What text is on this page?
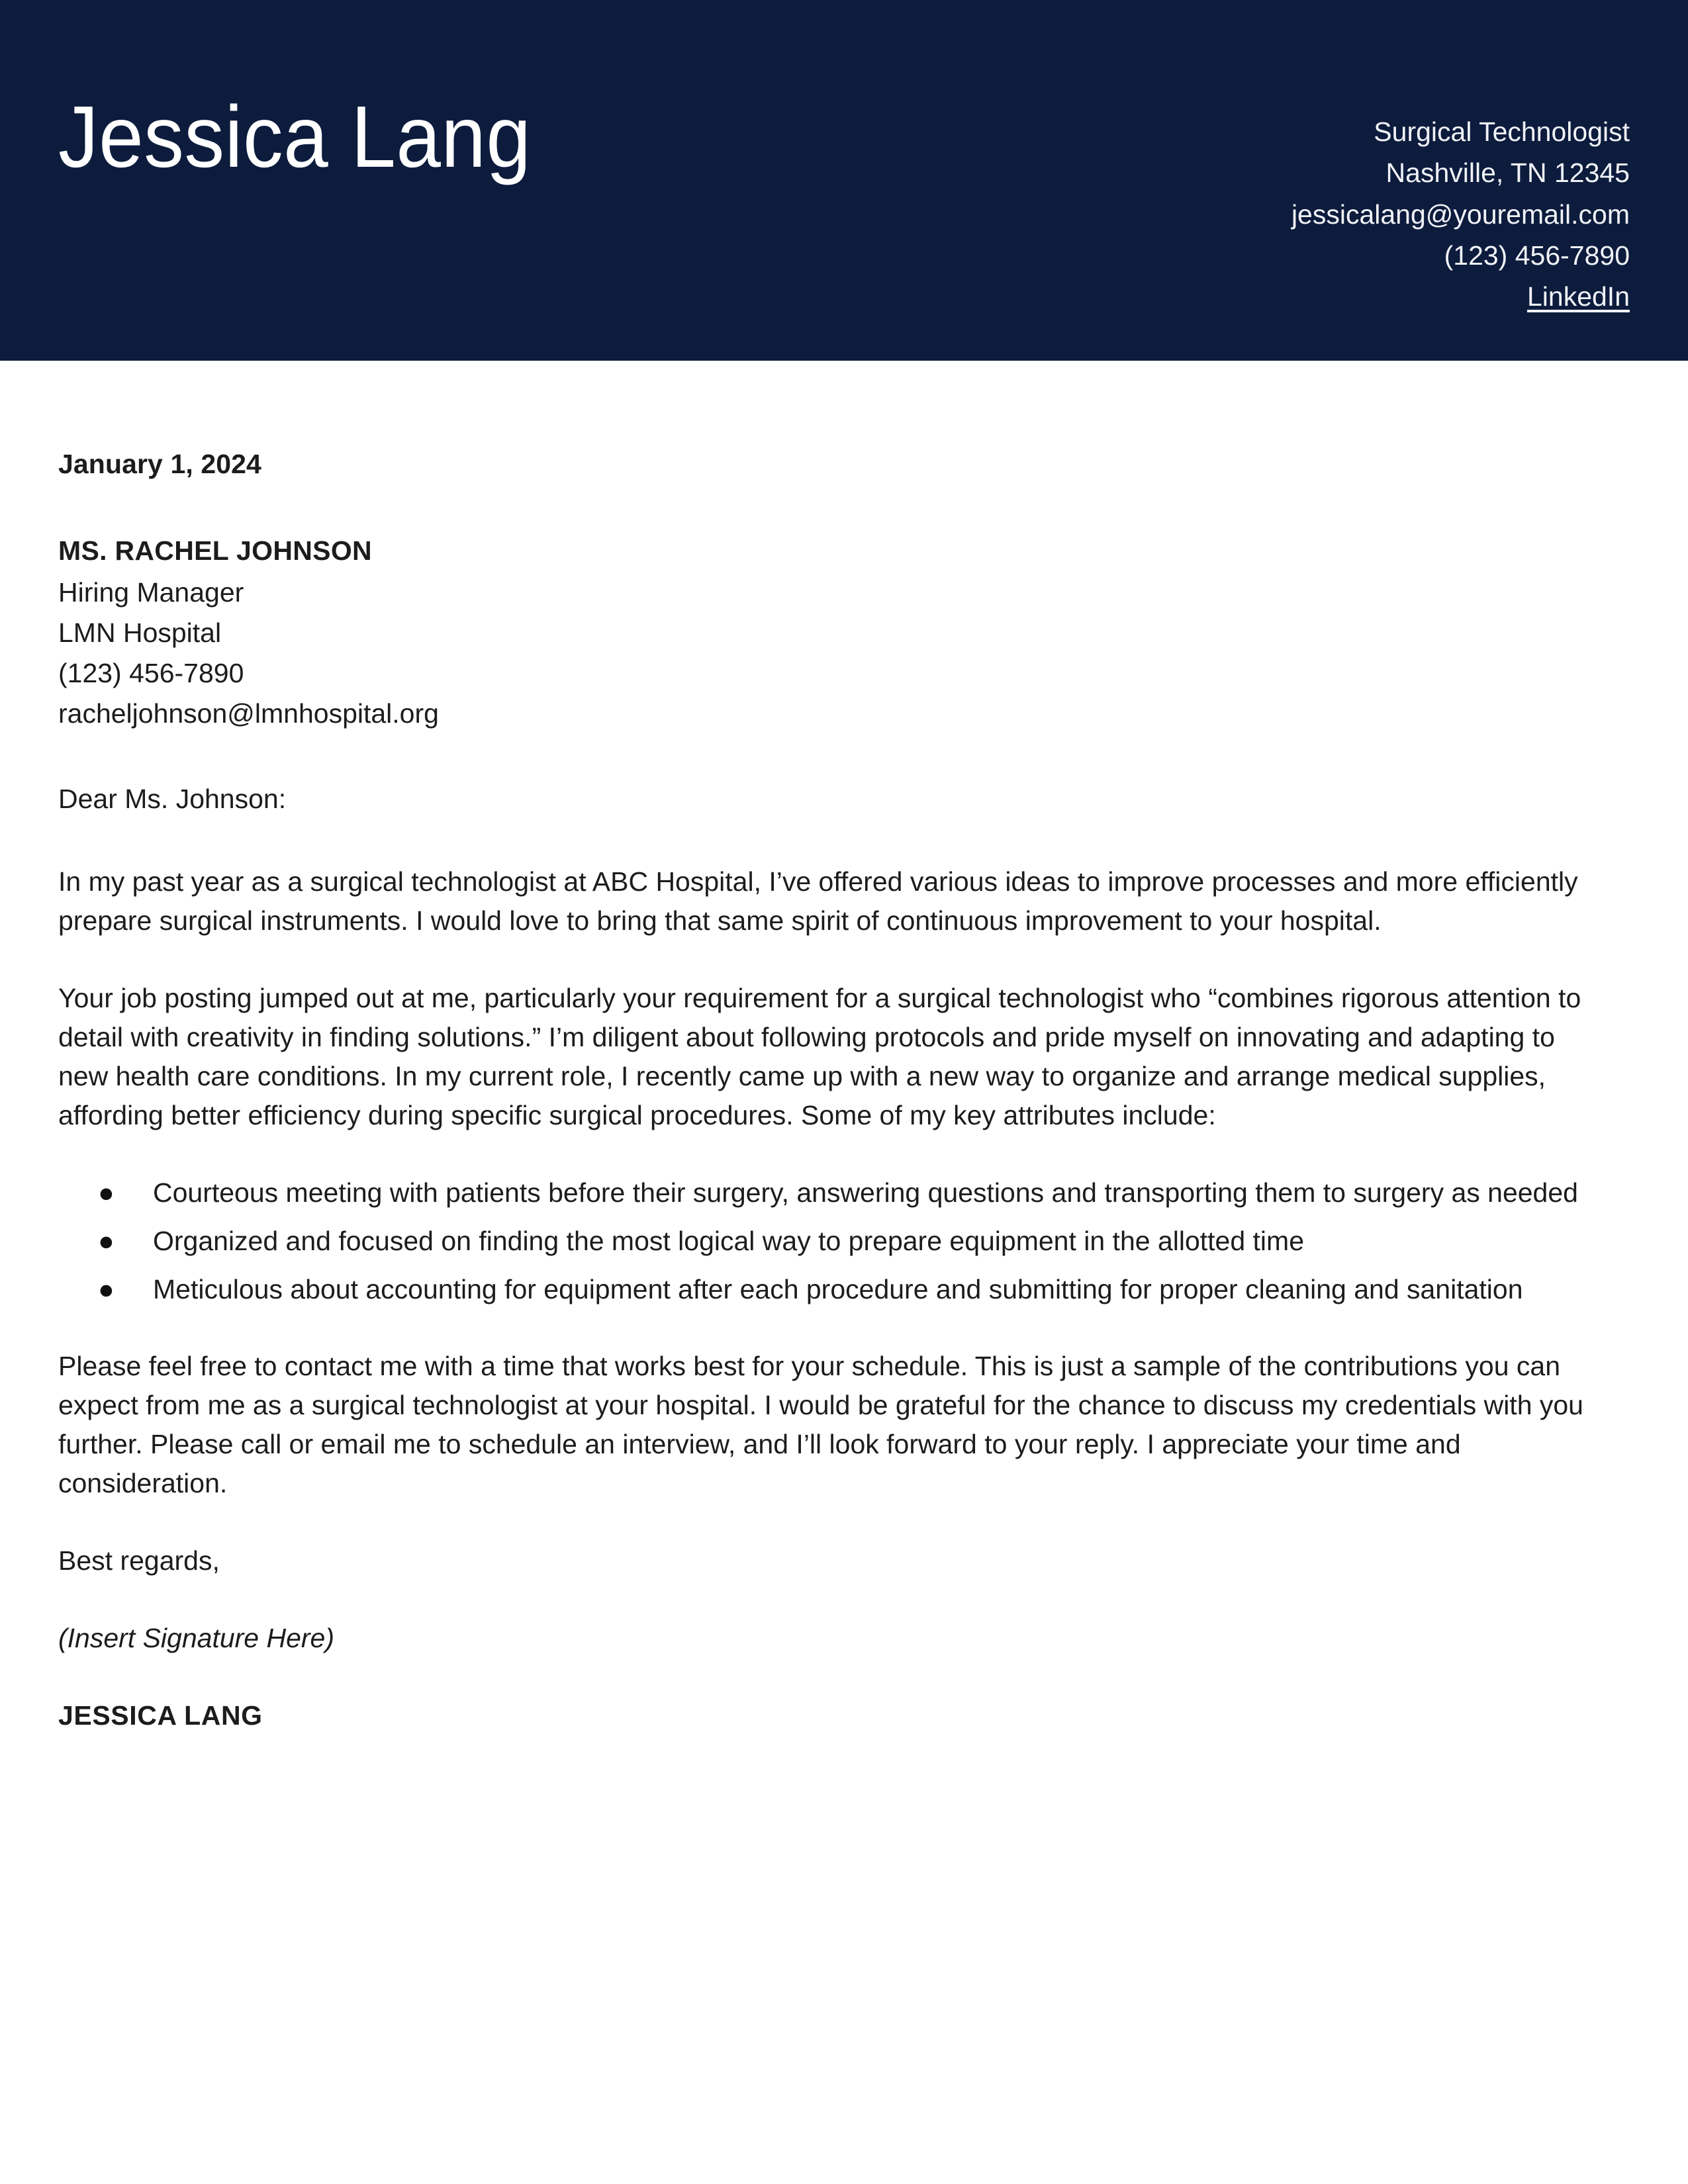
Jessica Lang	Surgical Technologist
Nashville, TN 12345
jessicalang@youremail.com
(123) 456-7890
LinkedIn
January 1, 2024
MS. RACHEL JOHNSON
Hiring Manager
LMN Hospital
(123) 456-7890
racheljohnson@lmnhospital.org
Dear Ms. Johnson:

In my past year as a surgical technologist at ABC Hospital, I’ve offered various ideas to improve processes and more efficiently prepare surgical instruments. I would love to bring that same spirit of continuous improvement to your hospital.

Your job posting jumped out at me, particularly your requirement for a surgical technologist who “combines rigorous attention to detail with creativity in finding solutions.” I’m diligent about following protocols and pride myself on innovating and adapting to new health care conditions. In my current role, I recently came up with a new way to organize and arrange medical supplies, affording better efficiency during specific surgical procedures. Some of my key attributes include:

● Courteous meeting with patients before their surgery, answering questions and transporting them to surgery as needed
● Organized and focused on finding the most logical way to prepare equipment in the allotted time
● Meticulous about accounting for equipment after each procedure and submitting for proper cleaning and sanitation

Please feel free to contact me with a time that works best for your schedule. This is just a sample of the contributions you can expect from me as a surgical technologist at your hospital. I would be grateful for the chance to discuss my credentials with you further. Please call or email me to schedule an interview, and I’ll look forward to your reply. I appreciate your time and consideration.

Best regards,
(Insert Signature Here)
JESSICA LANG
